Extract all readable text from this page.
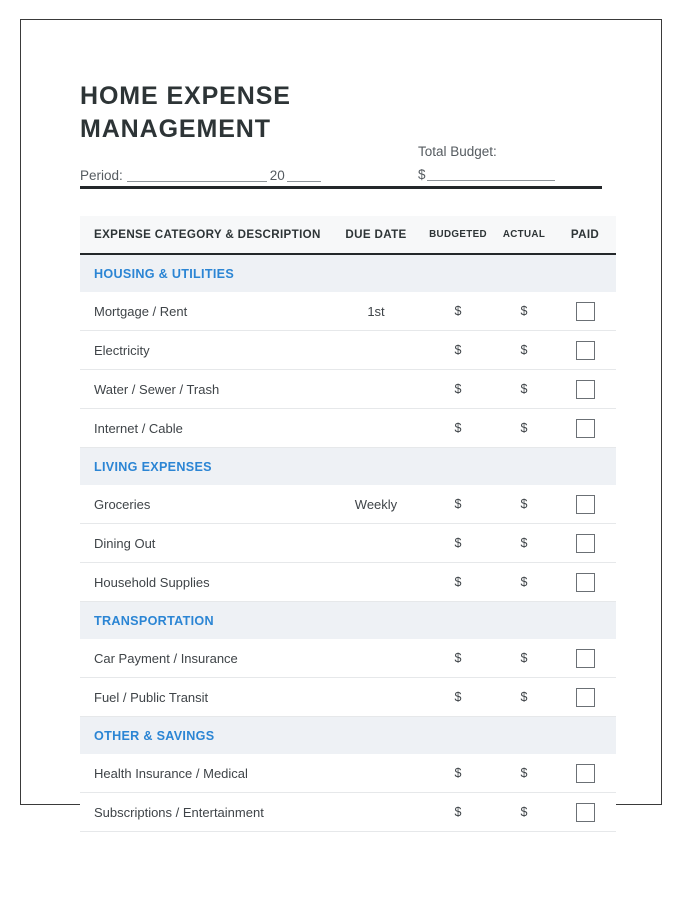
HOME EXPENSE
MANAGEMENT
Period:	20
Total Budget:
$
EXPENSE CATEGORY & DESCRIPTION	DUE DATE	BUDGETED	ACTUAL	PAID
HOUSING & UTILITIES				
Mortgage / Rent	1st	$	$	
Electricity		$	$	
Water / Sewer / Trash		$	$	
Internet / Cable		$	$	
LIVING EXPENSES				
Groceries	Weekly	$	$	
Dining Out		$	$	
Household Supplies		$	$	
TRANSPORTATION				
Car Payment / Insurance		$	$	
Fuel / Public Transit		$	$	
OTHER & SAVINGS				
Health Insurance / Medical		$	$	
Subscriptions / Entertainment		$	$	
